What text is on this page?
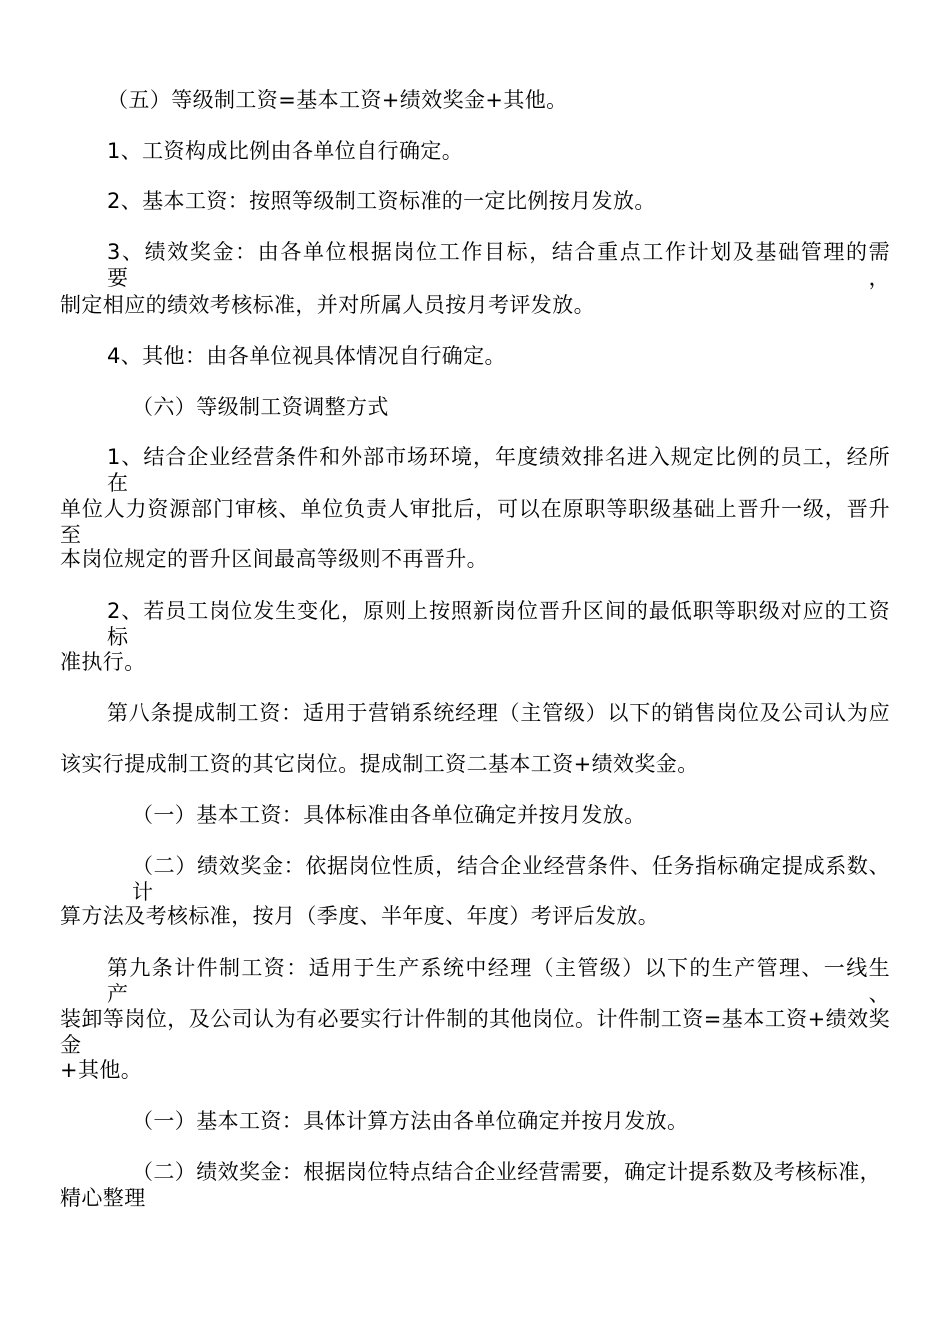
（五）等级制工资=基本工资+绩效奖金+其他。
1、工资构成比例由各单位自行确定。
2、基本工资：按照等级制工资标准的一定比例按月发放。
3、绩效奖金：由各单位根据岗位工作目标，结合重点工作计划及基础管理的需要，
制定相应的绩效考核标准，并对所属人员按月考评发放。
4、其他：由各单位视具体情况自行确定。
（六）等级制工资调整方式
1、结合企业经营条件和外部市场环境，年度绩效排名进入规定比例的员工，经所在
单位人力资源部门审核、单位负责人审批后，可以在原职等职级基础上晋升一级，晋升至
本岗位规定的晋升区间最高等级则不再晋升。
2、若员工岗位发生变化，原则上按照新岗位晋升区间的最低职等职级对应的工资标
准执行。
第八条提成制工资：适用于营销系统经理（主管级）以下的销售岗位及公司认为应
该实行提成制工资的其它岗位。提成制工资二基本工资+绩效奖金。
（一）基本工资：具体标准由各单位确定并按月发放。
（二）绩效奖金：依据岗位性质，结合企业经营条件、任务指标确定提成系数、计
算方法及考核标准，按月（季度、半年度、年度）考评后发放。
第九条计件制工资：适用于生产系统中经理（主管级）以下的生产管理、一线生产、
装卸等岗位，及公司认为有必要实行计件制的其他岗位。计件制工资=基本工资+绩效奖金
+其他。
（一）基本工资：具体计算方法由各单位确定并按月发放。
（二）绩效奖金：根据岗位特点结合企业经营需要，确定计提系数及考核标准，
精心整理
